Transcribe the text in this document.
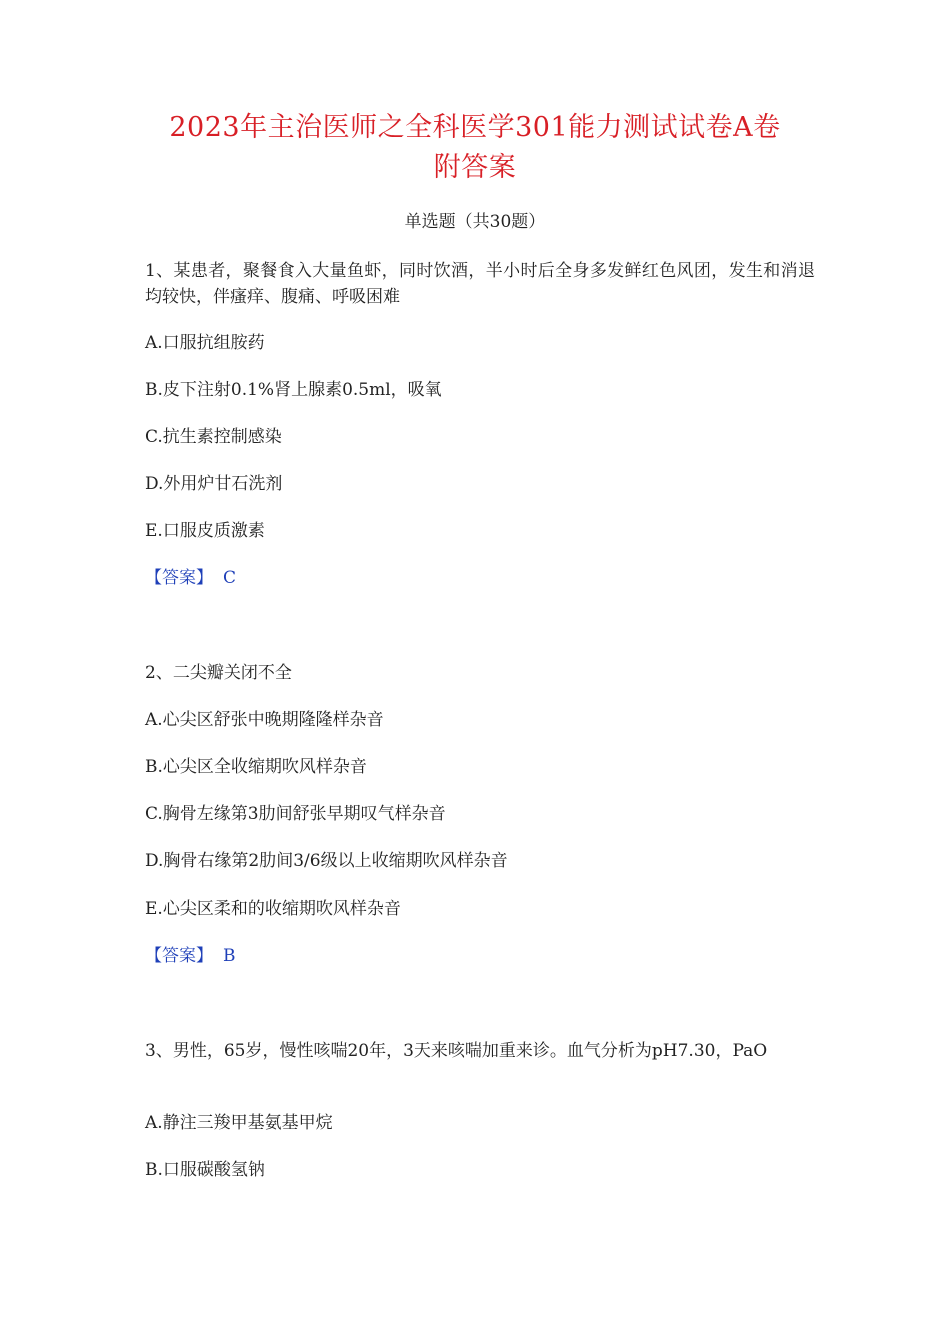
2023年主治医师之全科医学301能力测试试卷A卷
附答案
单选题（共30题）
1、某患者，聚餐食入大量鱼虾，同时饮酒，半小时后全身多发鲜红色风团，发生和消退均较快，伴瘙痒、腹痛、呼吸困难
A.口服抗组胺药
B.皮下注射0.1%肾上腺素0.5ml，吸氧
C.抗生素控制感染
D.外用炉甘石洗剂
E.口服皮质激素
【答案】 C
2、二尖瓣关闭不全
A.心尖区舒张中晚期隆隆样杂音
B.心尖区全收缩期吹风样杂音
C.胸骨左缘第3肋间舒张早期叹气样杂音
D.胸骨右缘第2肋间3/6级以上收缩期吹风样杂音
E.心尖区柔和的收缩期吹风样杂音
【答案】 B
3、男性，65岁，慢性咳喘20年，3天来咳喘加重来诊。血气分析为pH7.30，PaO
A.静注三羧甲基氨基甲烷
B.口服碳酸氢钠
